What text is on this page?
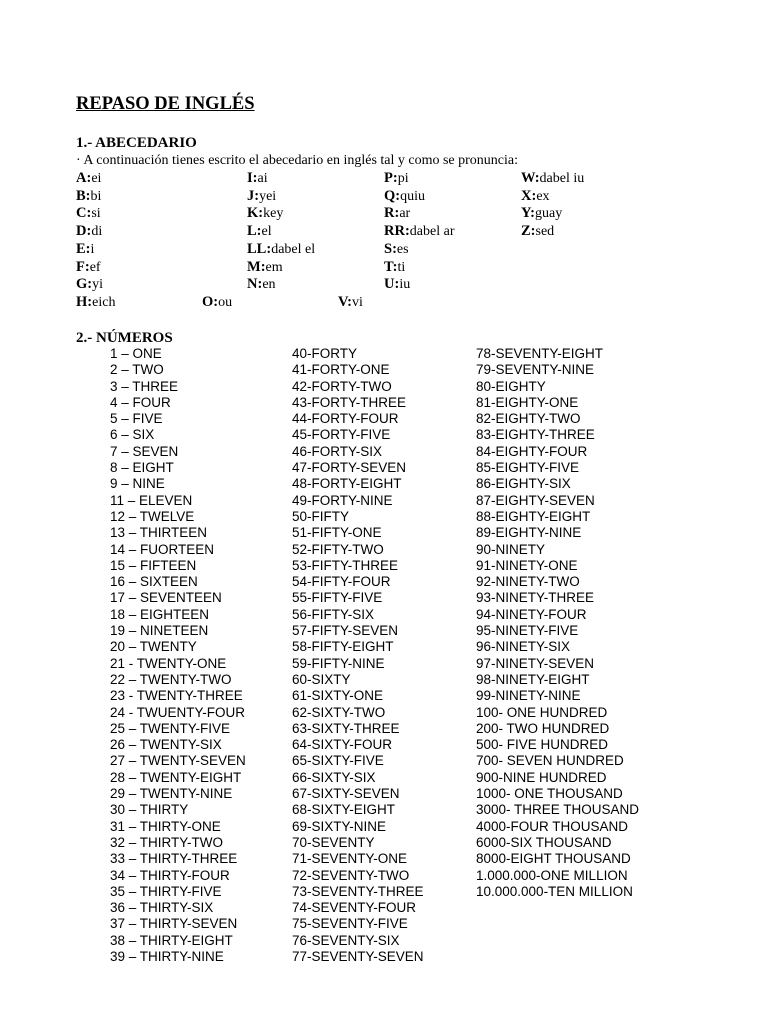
REPASO DE INGLÉS
1.- ABECEDARIO
· A continuación tienes escrito el abecedario en inglés tal y como se pronuncia:
A:ei
B:bi
C:si
D:di
E:i
F:ef
G:yi
H:eich
I:ai
J:yei
K:key
L:el
LL:dabel el
M:em
N:en
P:pi
Q:quiu
R:ar
RR:dabel ar
S:es
T:ti
U:iu
W:dabel iu
X:ex
Y:guay
Z:sed
O:ou	V:vi
2.- NÚMEROS
1 – ONE
2 – TWO
3 – THREE
4 – FOUR
5 – FIVE
6 – SIX
7 – SEVEN
8 – EIGHT
9 – NINE
11 – ELEVEN
12 – TWELVE
13 – THIRTEEN
14 – FUORTEEN
15 – FIFTEEN
16 – SIXTEEN
17 – SEVENTEEN
18 – EIGHTEEN
19 – NINETEEN
20 – TWENTY
21 - TWENTY-ONE
22 – TWENTY-TWO
23 - TWENTY-THREE
24 - TWUENTY-FOUR
25 – TWENTY-FIVE
26 – TWENTY-SIX
27 – TWENTY-SEVEN
28 – TWENTY-EIGHT
29 – TWENTY-NINE
30 – THIRTY
31 – THIRTY-ONE
32 – THIRTY-TWO
33 – THIRTY-THREE
34 – THIRTY-FOUR
35 – THIRTY-FIVE
36 – THIRTY-SIX
37 – THIRTY-SEVEN
38 – THIRTY-EIGHT
39 – THIRTY-NINE
40-FORTY
41-FORTY-ONE
42-FORTY-TWO
43-FORTY-THREE
44-FORTY-FOUR
45-FORTY-FIVE
46-FORTY-SIX
47-FORTY-SEVEN
48-FORTY-EIGHT
49-FORTY-NINE
50-FIFTY
51-FIFTY-ONE
52-FIFTY-TWO
53-FIFTY-THREE
54-FIFTY-FOUR
55-FIFTY-FIVE
56-FIFTY-SIX
57-FIFTY-SEVEN
58-FIFTY-EIGHT
59-FIFTY-NINE
60-SIXTY
61-SIXTY-ONE
62-SIXTY-TWO
63-SIXTY-THREE
64-SIXTY-FOUR
65-SIXTY-FIVE
66-SIXTY-SIX
67-SIXTY-SEVEN
68-SIXTY-EIGHT
69-SIXTY-NINE
70-SEVENTY
71-SEVENTY-ONE
72-SEVENTY-TWO
73-SEVENTY-THREE
74-SEVENTY-FOUR
75-SEVENTY-FIVE
76-SEVENTY-SIX
77-SEVENTY-SEVEN
78-SEVENTY-EIGHT
79-SEVENTY-NINE
80-EIGHTY
81-EIGHTY-ONE
82-EIGHTY-TWO
83-EIGHTY-THREE
84-EIGHTY-FOUR
85-EIGHTY-FIVE
86-EIGHTY-SIX
87-EIGHTY-SEVEN
88-EIGHTY-EIGHT
89-EIGHTY-NINE
90-NINETY
91-NINETY-ONE
92-NINETY-TWO
93-NINETY-THREE
94-NINETY-FOUR
95-NINETY-FIVE
96-NINETY-SIX
97-NINETY-SEVEN
98-NINETY-EIGHT
99-NINETY-NINE
100- ONE HUNDRED
200- TWO HUNDRED
500- FIVE HUNDRED
700- SEVEN HUNDRED
900-NINE HUNDRED
1000- ONE THOUSAND
3000- THREE THOUSAND
4000-FOUR THOUSAND
6000-SIX THOUSAND
8000-EIGHT THOUSAND
1.000.000-ONE MILLION
10.000.000-TEN MILLION
